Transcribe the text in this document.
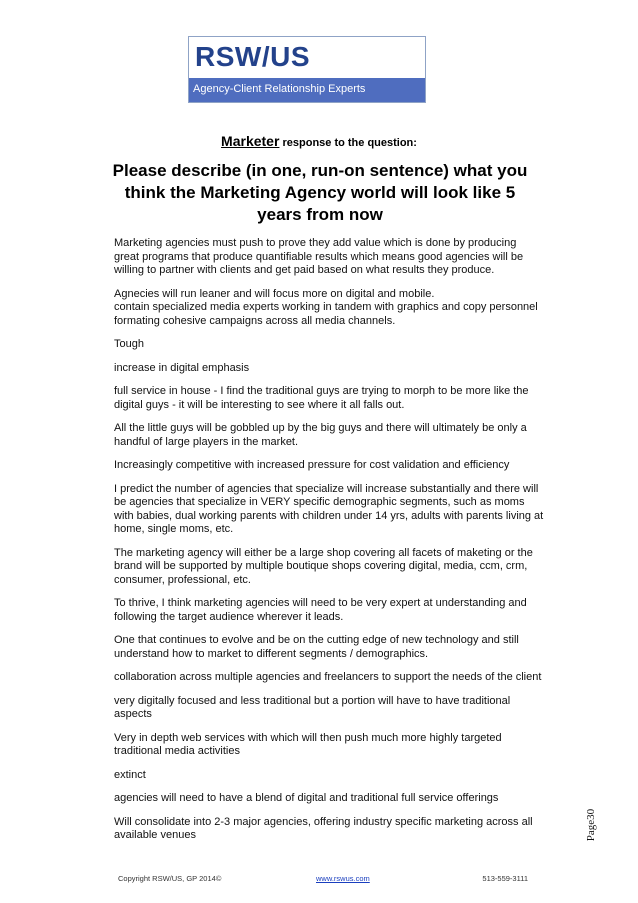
RSW/US
Agency-Client Relationship Experts
Marketer response to the question:
Please describe (in one, run-on sentence) what you think the Marketing Agency world will look like 5 years from now

Marketing agencies must push to prove they add value which is done by producing great programs that produce quantifiable results which means good agencies will be willing to partner with clients and get paid based on what results they produce.

Agnecies will run leaner and will focus more on digital and mobile.

contain specialized media experts working in tandem with graphics and copy personnel formating cohesive campaigns across all media channels.

Tough

increase in digital emphasis

full service in house - I find the traditional guys are trying to morph to be more like the digital guys - it will be interesting to see where it all falls out.

All the little guys will be gobbled up by the big guys and there will ultimately be only a handful of large players in the market.

Increasingly competitive with increased pressure for cost validation and efficiency

I predict the number of agencies that specialize will increase substantially and there will be agencies that specialize in VERY specific demographic segments, such as moms with babies, dual working parents with children under 14 yrs, adults with parents living at home, single moms, etc.

The marketing agency will either be a large shop covering all facets of maketing or the brand will be supported by multiple boutique shops covering digital, media, ccm, crm, consumer, professional, etc.

To thrive, I think marketing agencies will need to be very expert at understanding and following the target audience wherever it leads.

One that continues to evolve and be on the cutting edge of new technology and still understand how to market to different segments / demographics.

collaboration across multiple agencies and freelancers to support the needs of the client

very digitally focused and less traditional but a portion will have to have traditional aspects

Very in depth web services with which will then push much more highly targeted traditional media activities

extinct

agencies will need to have a blend of digital and traditional full service offerings

Will consolidate into 2-3 major agencies, offering industry specific marketing across all available venues	Page30
Copyright RSW/US, GP 2014©	www.rswus.com	513-559-3111
